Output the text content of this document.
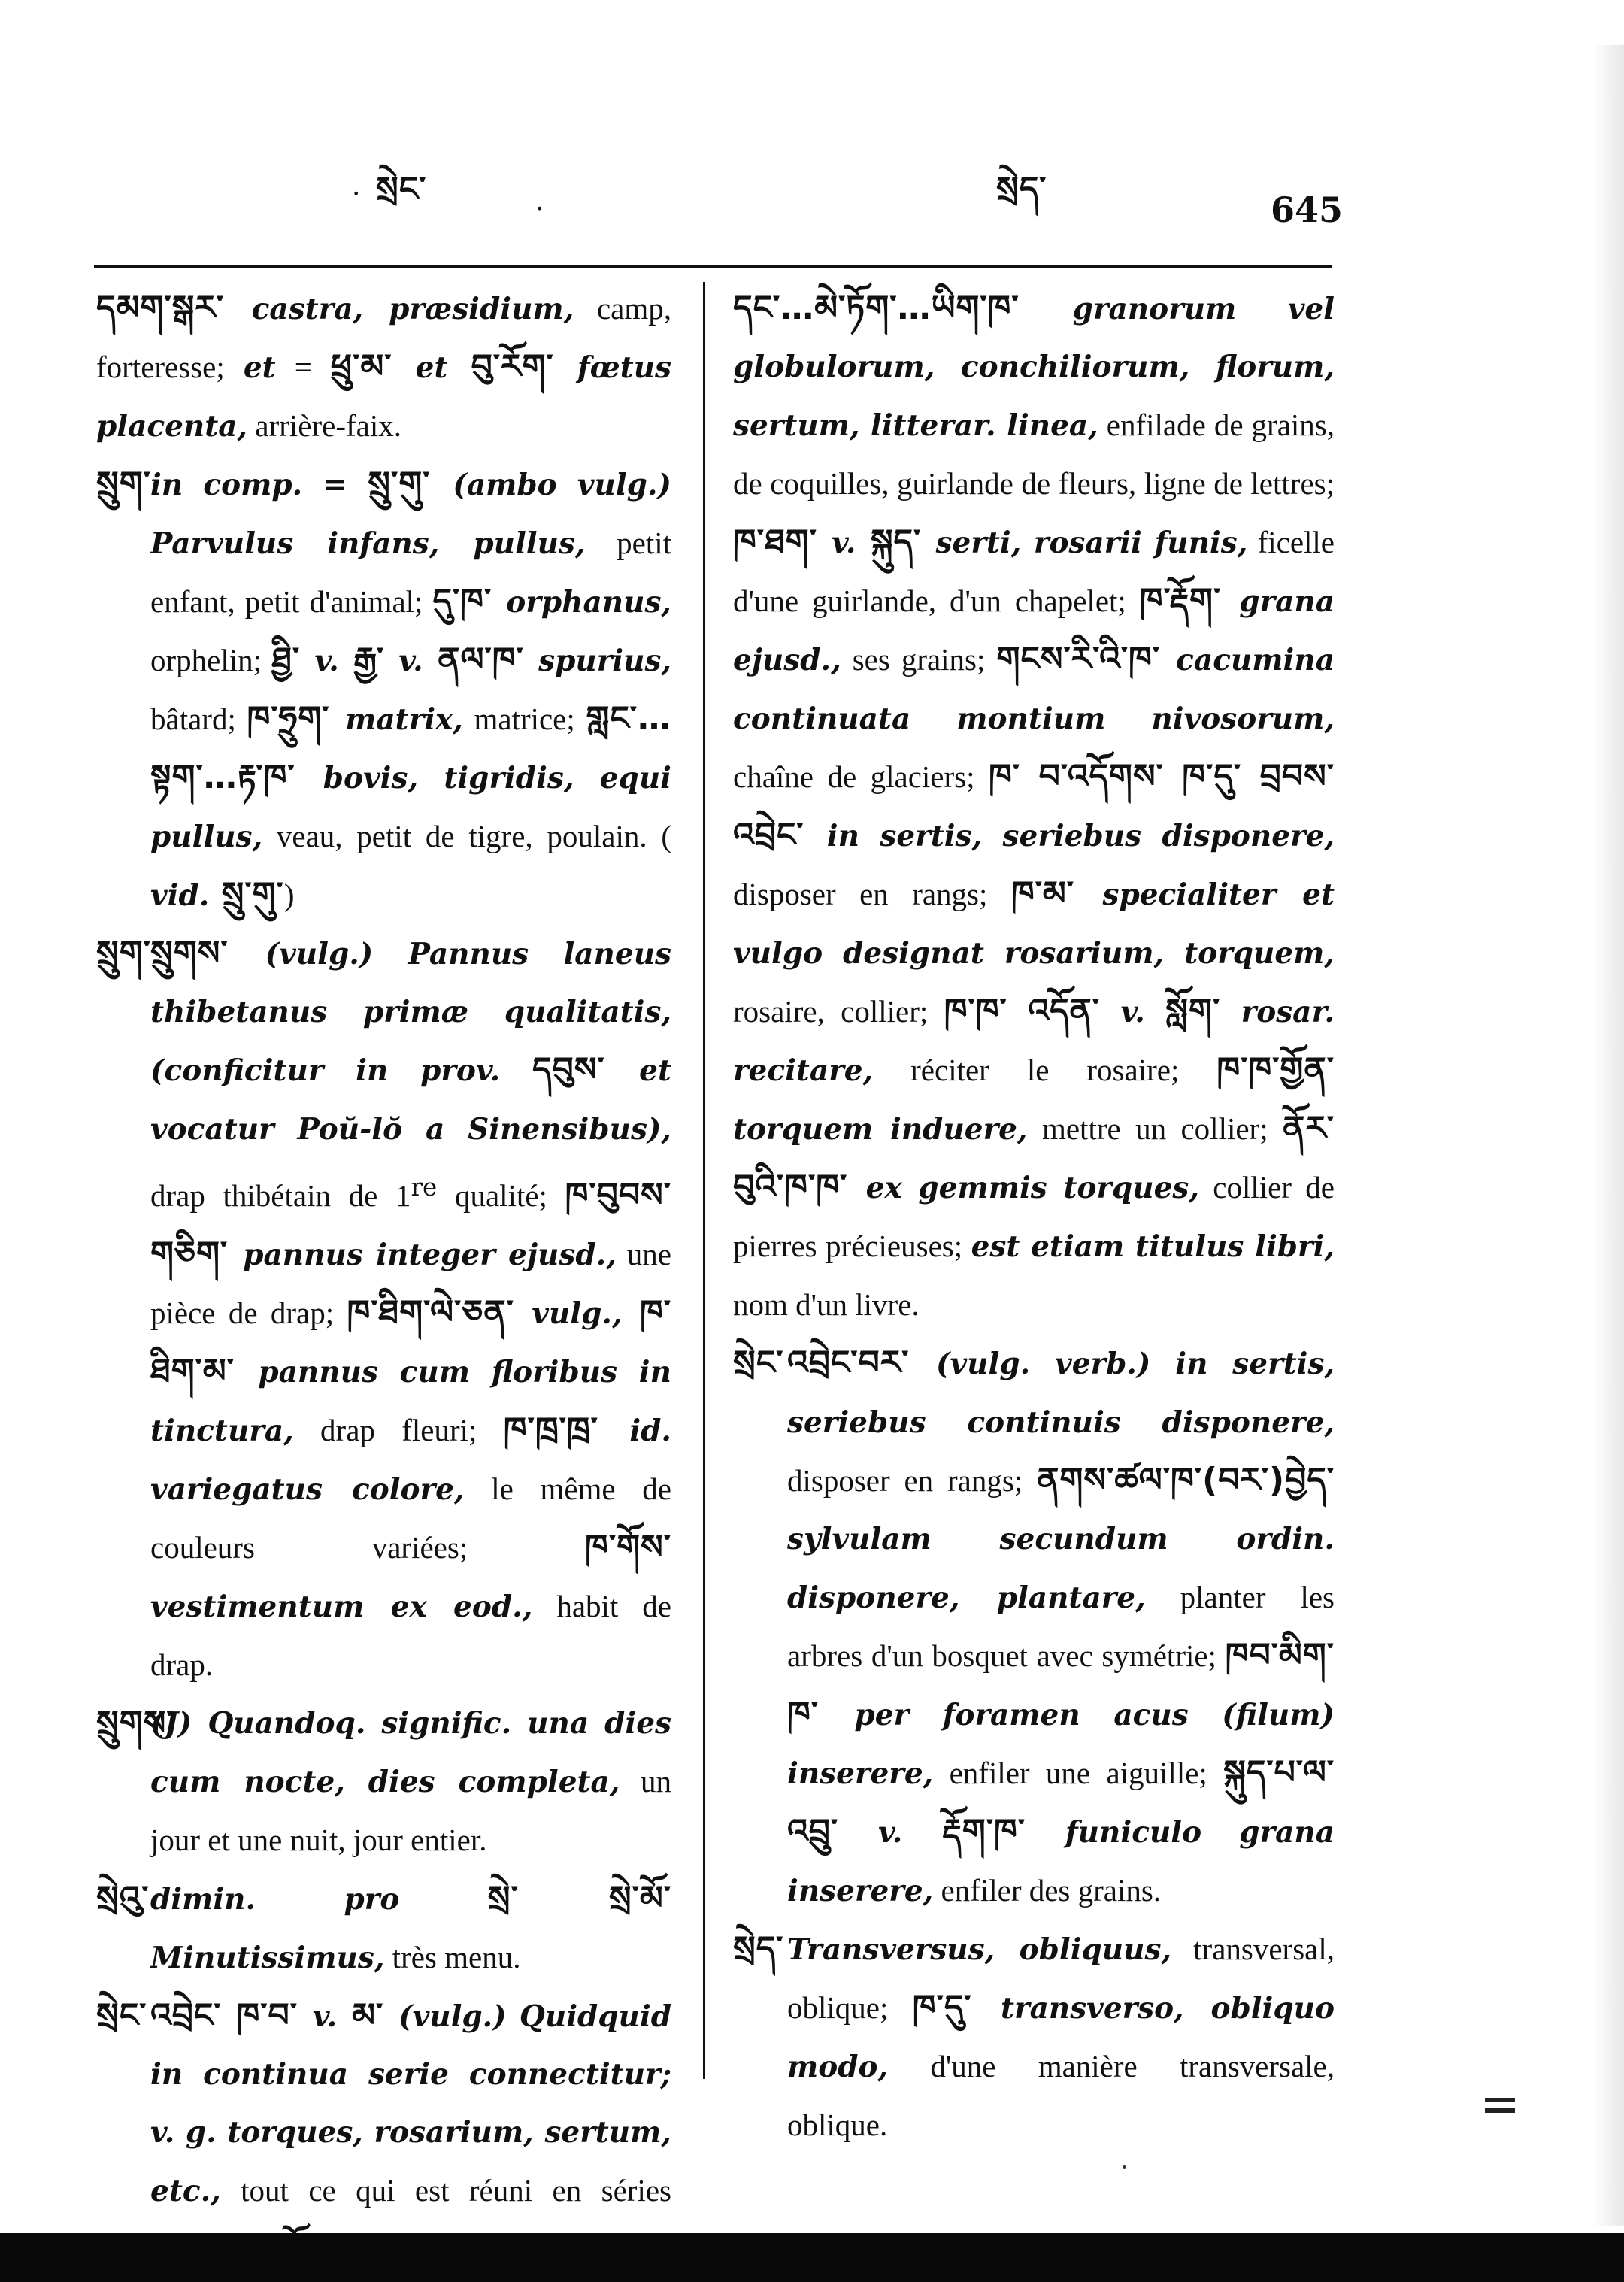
· སྲེང་
·
སྲེད་
645
དམག་སྒར་ castra, præsidium, camp, forteresse; et = ཕྲུ་མ་ et བུ་རོག་ fœtus placenta, arrière-faix.
སྲུག་ in comp. = སྲུ་གུ་ (ambo vulg.) Parvulus infans, pullus, petit enfant, petit d'animal; དུ་ཁ་ orphanus, orphelin; ཐྱི་ v. རྒྱ་ v. ནལ་ཁ་ spurius, bâtard; ཁ་ཧྲུག་ matrix, matrice; གླང་…སྟག་…རྟ་ཁ་ bovis, tigridis, equi pullus, veau, petit de tigre, poulain. ( vid. སྲུ་གུ་)
སྲུག་ སྲུགས་ (vulg.) Pannus laneus thibetanus primæ qualitatis, (conficitur in prov. དབུས་ et vocatur Poŭ-lŏ a Sinensibus), drap thibétain de 1re qualité; ཁ་བུབས་གཅིག་ pannus integer ejusd., une pièce de drap; ཁ་ཐིག་ལེ་ཅན་ vulg., ཁ་ཐིག་མ་ pannus cum floribus in tinctura, drap fleuri; ཁ་ཁྲ་ཁྲ་ id. variegatus colore, le même de couleurs variées; ཁ་གོས་ vestimentum ex eod., habit de drap.
སྲུགས་
(J) Quandoq. signific. una dies cum nocte, dies completa, un jour et une nuit, jour entier.
སྲེའུ་ dimin. pro སྲེ་ སྲེ་མོ་ Minutissimus, très menu.
སྲེང་ འབྲེང་ ཁ་བ་ v. མ་ (vulg.) Quidquid in continua serie connectitur; v. g. torques, rosarium, sertum, etc., tout ce qui est réuni en séries
དང་…མེ་ཏོག་…ཡིག་ཁ་ granorum vel globulorum, conchiliorum, florum, sertum, litterar. linea, enfilade de grains, de coquilles, guirlande de fleurs, ligne de lettres; ཁ་ཐག་ v. སྐུད་ serti, rosarii funis, ficelle d'une guirlande, d'un chapelet; ཁ་རྡོག་ grana ejusd., ses grains; གངས་རི་འི་ཁ་ cacumina continuata montium nivosorum, chaîne de glaciers; ཁ་ བ་འདོགས་ ཁ་དུ་ བྲབས་ འབྲེང་ in sertis, seriebus disponere, disposer en rangs; ཁ་མ་ specialiter et vulgo designat rosarium, torquem, rosaire, collier; ཁ་ཁ་ འདོན་ v. སློག་ rosar. recitare, réciter le rosaire; ཁ་ཁ་གྱོན་ torquem induere, mettre un collier; ནོར་བུའི་ཁ་ཁ་ ex gemmis torques, collier de pierres précieuses; est etiam titulus libri, nom d'un livre.
སྲེང་ འབྲེང་བར་ (vulg. verb.) in sertis, seriebus continuis disponere, disposer en rangs; ནགས་ཚལ་ཁ་(བར་)བྱེད་ sylvulam secundum ordin. disponere, plantare, planter les arbres d'un bosquet avec symétrie; ཁབ་མིག་ཁ་ per foramen acus (filum) inserere, enfiler une aiguille; སྐུད་པ་ལ་འབྲུ་ v. རྡོག་ཁ་ funiculo grana inserere, enfiler des grains.
སྲེད་ Transversus, obliquus, transversal, oblique; ཁ་དུ་ transverso, obliquo modo, d'une manière transversale, oblique.
